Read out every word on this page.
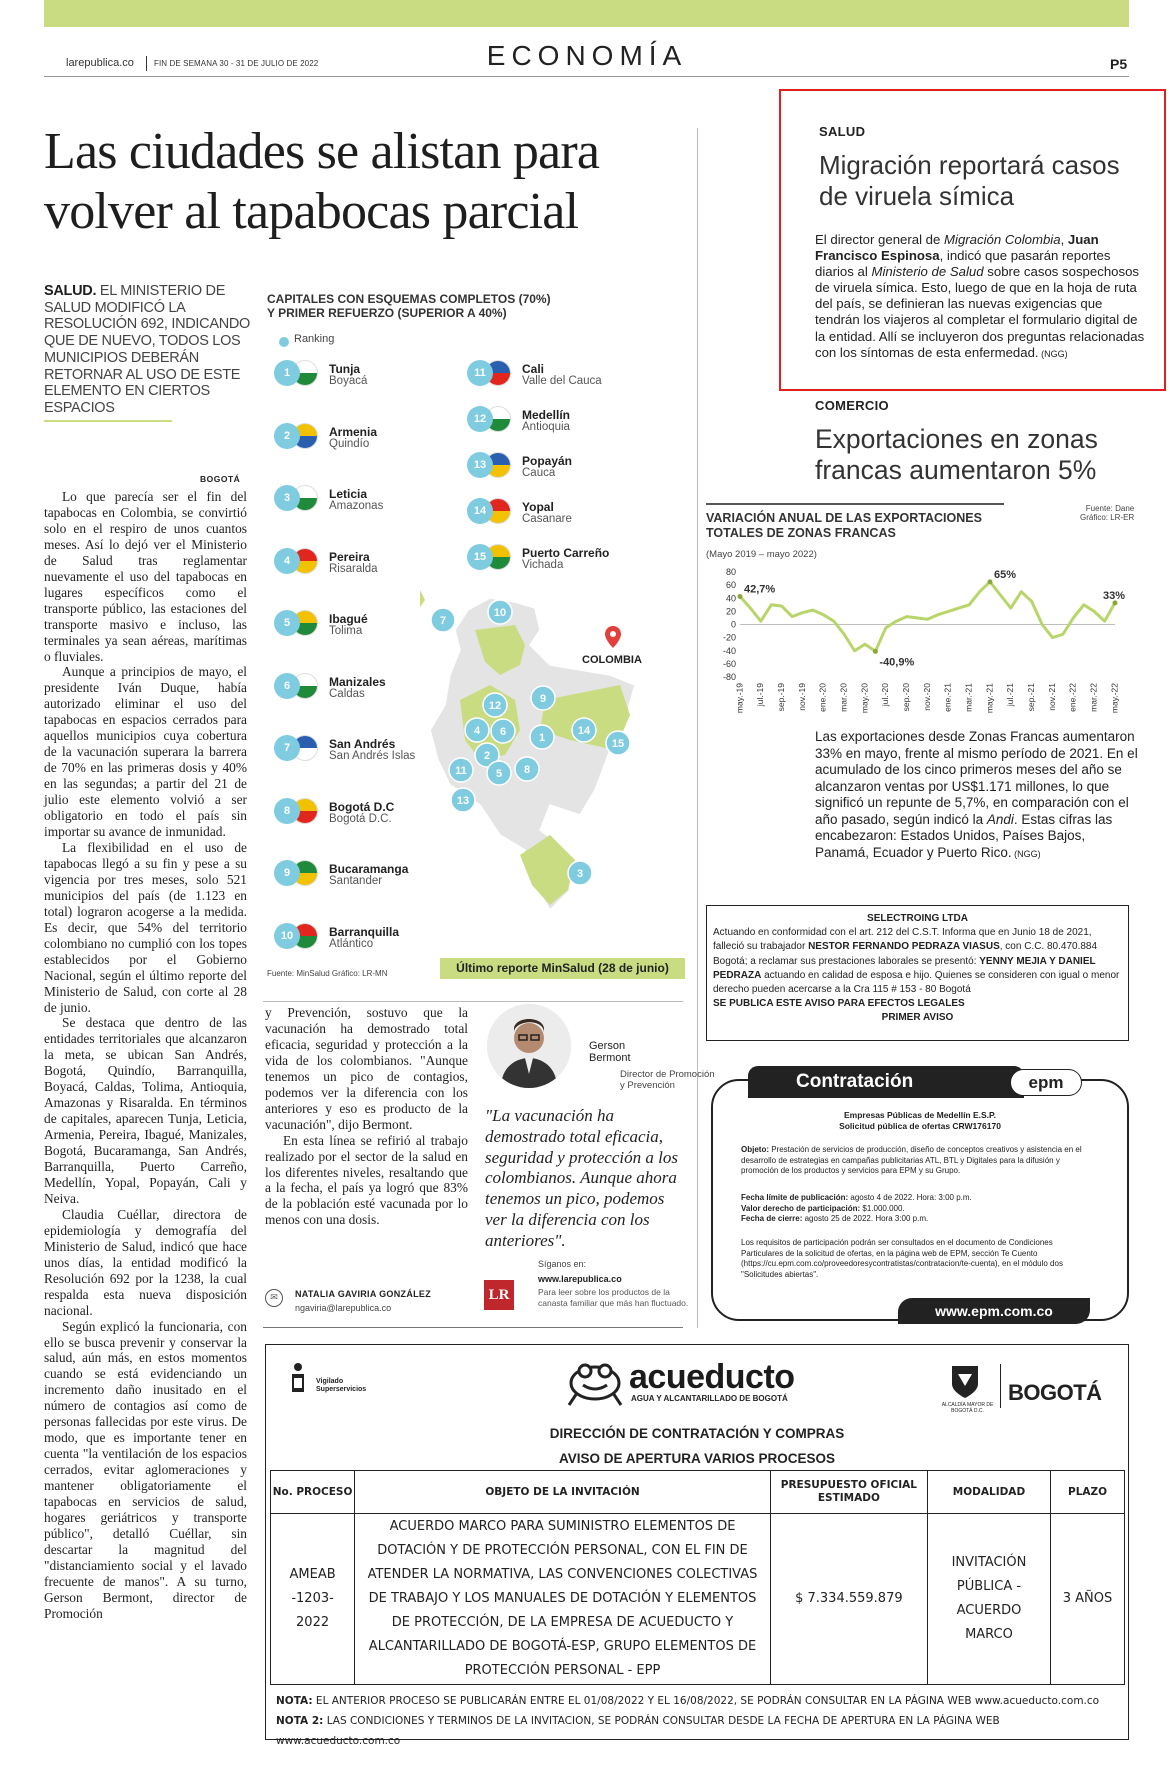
larepublica.co	FIN DE SEMANA 30 - 31 DE JULIO DE 2022	ECONOMÍA	P5
Las ciudades se alistan para
volver al tapabocas parcial
SALUD. EL MINISTERIO DE SALUD MODIFICÓ LA RESOLUCIÓN 692, INDICANDO QUE DE NUEVO, TODOS LOS MUNICIPIOS DEBERÁN RETORNAR AL USO DE ESTE ELEMENTO EN CIERTOS ESPACIOS
BOGOTÁ

Lo que parecía ser el fin del tapabocas en Colombia, se convirtió solo en el respiro de unos cuantos meses. Así lo dejó ver el Ministerio de Salud tras reglamentar nuevamente el uso del tapabocas en lugares específicos como el transporte público, las estaciones del transporte masivo e incluso, las terminales ya sean aéreas, marítimas o fluviales.

Aunque a principios de mayo, el presidente Iván Duque, había autorizado eliminar el uso del tapabocas en espacios cerrados para aquellos municipios cuya cobertura de la vacunación superara la barrera de 70% en las primeras dosis y 40% en las segundas; a partir del 21 de julio este elemento volvió a ser obligatorio en todo el país sin importar su avance de inmunidad.

La flexibilidad en el uso de tapabocas llegó a su fin y pese a su vigencia por tres meses, solo 521 municipios del país (de 1.123 en total) lograron acogerse a la medida. Es decir, que 54% del territorio colombiano no cumplió con los topes establecidos por el Gobierno Nacional, según el último reporte del Ministerio de Salud, con corte al 28 de junio.

Se destaca que dentro de las entidades territoriales que alcanzaron la meta, se ubican San Andrés, Bogotá, Quindío, Barranquilla, Boyacá, Caldas, Tolima, Antioquia, Amazonas y Risaralda. En términos de capitales, aparecen Tunja, Leticia, Armenia, Pereira, Ibagué, Manizales, Bogotá, Bucaramanga, San Andrés, Barranquilla, Puerto Carreño, Medellín, Yopal, Popayán, Cali y Neiva.

Claudia Cuéllar, directora de epidemiología y demografía del Ministerio de Salud, indicó que hace unos días, la entidad modificó la Resolución 692 por la 1238, la cual respalda esta nueva disposición nacional.

Según explicó la funcionaria, con ello se busca prevenir y conservar la salud, aún más, en estos momentos cuando se está evidenciando un incremento daño inusitado en el número de contagios así como de personas fallecidas por este virus. De modo, que es importante tener en cuenta "la ventilación de los espacios cerrados, evitar aglomeraciones y mantener obligatoriamente el tapabocas en servicios de salud, hogares geriátricos y transporte público", detalló Cuéllar, sin descartar la magnitud del "distanciamiento social y el lavado frecuente de manos". A su turno, Gerson Bermont, director de Promoción

y Prevención, sostuvo que la vacunación ha demostrado total eficacia, seguridad y protección a la vida de los colombianos. "Aunque tenemos un pico de contagios, podemos ver la diferencia con los anteriores y eso es producto de la vacunación", dijo Bermont.

En esta línea se refirió al trabajo realizado por el sector de la salud en los diferentes niveles, resaltando que a la fecha, el país ya logró que 83% de la población esté vacunada por lo menos con una dosis.

CAPITALES CON ESQUEMAS COMPLETOS (70%)
Y PRIMER REFUERZO (SUPERIOR A 40%)
Ranking
1	Tunja
Boyacá
2	Armenia
Quindío
3	Leticia
Amazonas
4	Pereira
Risaralda
5	Ibagué
Tolima
6	Manizales
Caldas
7	San Andrés
San Andrés Islas
8	Bogotá D.C
Bogotá D.C.
9	Bucaramanga
Santander
10	Barranquilla
Atlántico
11	Cali
Valle del Cauca
12	Medellín
Antioquia
13	Popayán
Cauca
14	Yopal
Casanare
15	Puerto Carreño
Vichada
7
10
12
9
4 6	1
14
15
2
11	5 8
13
3
COLOMBIA
Fuente: MinSalud Gráfico: LR-MN	Último reporte MinSalud (28 de junio)
Gerson
Bermont
Director de Promoción
y Prevención
"La vacunación ha demostrado total eficacia, seguridad y protección a los colombianos. Aunque ahora tenemos un pico, podemos ver la diferencia con los anteriores".
LR
Síganos en:
www.larepublica.co
Para leer sobre los productos de la canasta familiar que más han fluctuado.
✉	NATALIA GAVIRIA GONZÁLEZ
ngaviria@larepublica.co
SALUD
Migración reportará casos de viruela símica
El director general de Migración Colombia, Juan Francisco Espinosa, indicó que pasarán reportes diarios al Ministerio de Salud sobre casos sospechosos de viruela símica. Esto, luego de que en la hoja de ruta del país, se definieran las nuevas exigencias que tendrán los viajeros al completar el formulario digital de la entidad. Allí se incluyeron dos preguntas relacionadas con los síntomas de esta enfermedad. (NGG)
COMERCIO
Exportaciones en zonas francas aumentaron 5%
VARIACIÓN ANUAL DE LAS EXPORTACIONES TOTALES DE ZONAS FRANCAS
(Mayo 2019 – mayo 2022)
Fuente: Dane
Gráfico: LR-ER
80
60
40
20
0
-20
-40
-60
-80
42,7%
-40,9%
65%
33%
may.-19 jul.-19 sep.-19 nov.-19 ene.-20 mar.-20 may.-20 jul.-20 sep.-20 nov.-20 ene.-21 mar.-21 may.-21 jul.-21 sep.-21 nov.-21 ene.-22 mar.-22 may.-22
Las exportaciones desde Zonas Francas aumentaron 33% en mayo, frente al mismo período de 2021. En el acumulado de los cinco primeros meses del año se alcanzaron ventas por US$1.171 millones, lo que significó un repunte de 5,7%, en comparación con el año pasado, según indicó la Andi. Estas cifras las encabezaron: Estados Unidos, Países Bajos, Panamá, Ecuador y Puerto Rico. (NGG)
SELECTROING LTDA
Actuando en conformidad con el art. 212 del C.S.T. Informa que en Junio 18 de 2021, falleció su trabajador NESTOR FERNANDO PEDRAZA VIASUS, con C.C. 80.470.884 Bogotá; a reclamar sus prestaciones laborales se presentó: YENNY MEJIA Y DANIEL PEDRAZA actuando en calidad de esposa e hijo. Quienes se consideren con igual o menor derecho pueden acercarse a la Cra 115 # 153 - 80 Bogotá
SE PUBLICA ESTE AVISO PARA EFECTOS LEGALES
PRIMER AVISO
Contratación	epm
Empresas Públicas de Medellín E.S.P.
Solicitud pública de ofertas CRW176170
Objeto: Prestación de servicios de producción, diseño de conceptos creativos y asistencia en el desarrollo de estrategias en campañas publicitarias ATL, BTL y Digitales para la difusión y promoción de los productos y servicios para EPM y su Grupo.
Fecha límite de publicación: agosto 4 de 2022. Hora: 3:00 p.m.
Valor derecho de participación: $1.000.000.
Fecha de cierre: agosto 25 de 2022. Hora 3:00 p.m.
Los requisitos de participación podrán ser consultados en el documento de Condiciones Particulares de la solicitud de ofertas, en la página web de EPM, sección Te Cuento (https://cu.epm.com.co/proveedoresycontratistas/contratacion/te-cuenta), en el módulo dos "Solicitudes abiertas".
www.epm.com.co
Vigilado
Superservicios	acueducto
AGUA Y ALCANTARILLADO DE BOGOTÁ
ALCALDÍA MAYOR DE BOGOTÁ D.C.
BOGOTÁ
DIRECCIÓN DE CONTRATACIÓN Y COMPRAS
AVISO DE APERTURA VARIOS PROCESOS
No. PROCESO	OBJETO DE LA INVITACIÓN	PRESUPUESTO OFICIAL ESTIMADO	MODALIDAD	PLAZO
AMEAB -1203-2022	ACUERDO MARCO PARA SUMINISTRO ELEMENTOS DE DOTACIÓN Y DE PROTECCIÓN PERSONAL, CON EL FIN DE ATENDER LA NORMATIVA, LAS CONVENCIONES COLECTIVAS DE TRABAJO Y LOS MANUALES DE DOTACIÓN Y ELEMENTOS DE PROTECCIÓN, DE LA EMPRESA DE ACUEDUCTO Y ALCANTARILLADO DE BOGOTÁ-ESP, GRUPO ELEMENTOS DE PROTECCIÓN PERSONAL - EPP	$ 7.334.559.879	INVITACIÓN PÚBLICA - ACUERDO MARCO	3 AÑOS
NOTA: EL ANTERIOR PROCESO SE PUBLICARÁN ENTRE EL 01/08/2022 Y EL 16/08/2022, SE PODRÁN CONSULTAR EN LA PÁGINA WEB www.acueducto.com.co
NOTA 2: LAS CONDICIONES Y TERMINOS DE LA INVITACION, SE PODRÁN CONSULTAR DESDE LA FECHA DE APERTURA EN LA PÁGINA WEB www.acueducto.com.co
